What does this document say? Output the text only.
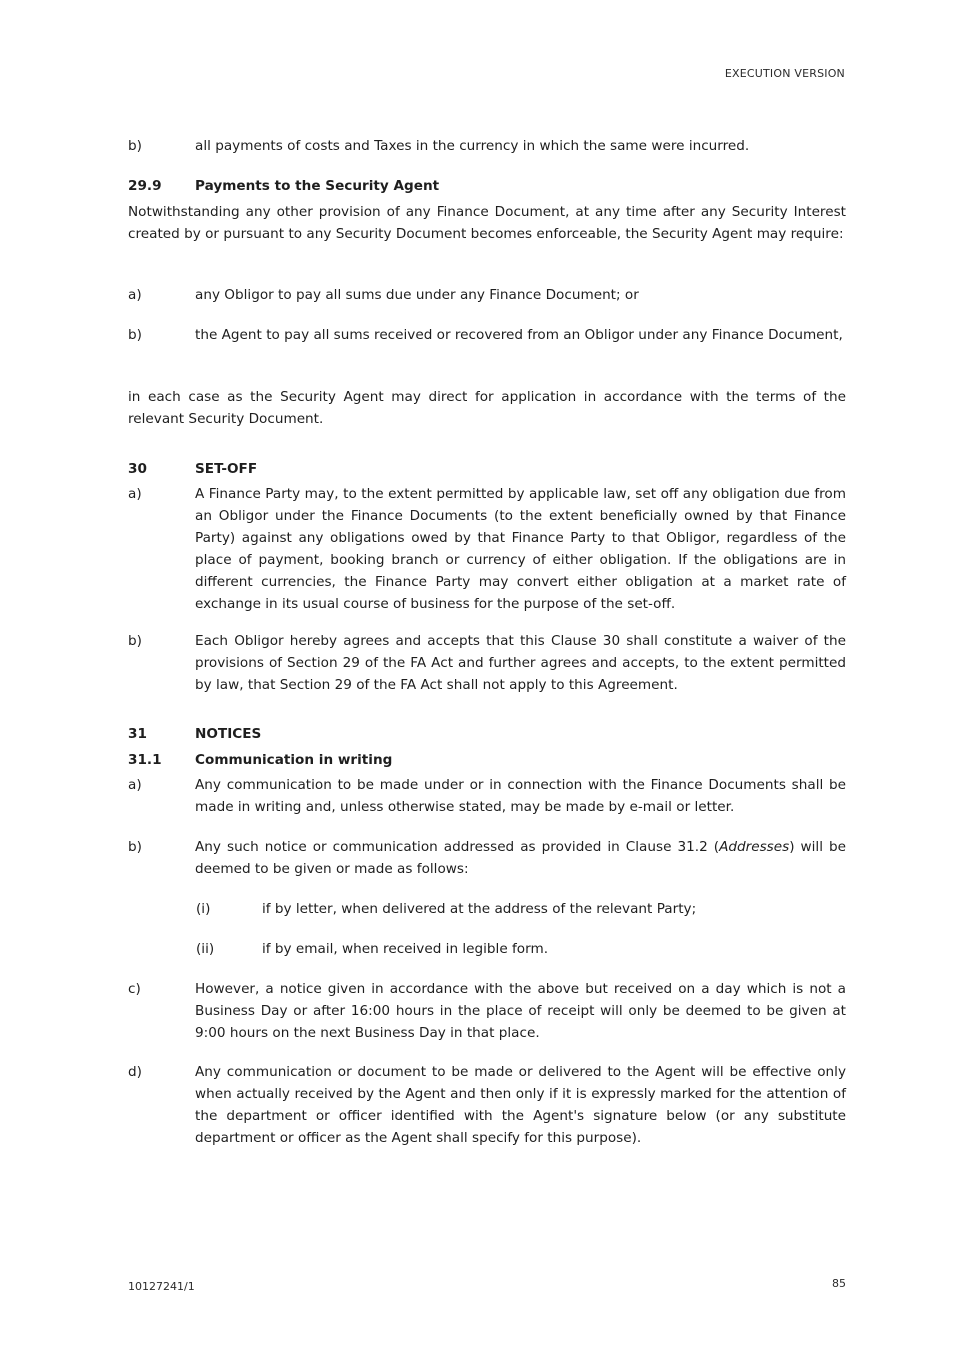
EXECUTION VERSION
b)	all payments of costs and Taxes in the currency in which the same were incurred.
29.9 Payments to the Security Agent
Notwithstanding any other provision of any Finance Document, at any time after any Security Interest created by or pursuant to any Security Document becomes enforceable, the Security Agent may require:
a)	any Obligor to pay all sums due under any Finance Document; or
b)	the Agent to pay all sums received or recovered from an Obligor under any Finance Document,
in each case as the Security Agent may direct for application in accordance with the terms of the relevant Security Document.
30	SET-OFF
a)	A Finance Party may, to the extent permitted by applicable law, set off any obligation due from an Obligor under the Finance Documents (to the extent beneficially owned by that Finance Party) against any obligations owed by that Finance Party to that Obligor, regardless of the place of payment, booking branch or currency of either obligation. If the obligations are in different currencies, the Finance Party may convert either obligation at a market rate of exchange in its usual course of business for the purpose of the set-off.
b)	Each Obligor hereby agrees and accepts that this Clause 30 shall constitute a waiver of the provisions of Section 29 of the FA Act and further agrees and accepts, to the extent permitted by law, that Section 29 of the FA Act shall not apply to this Agreement.
31	NOTICES
31.1 Communication in writing
a)	Any communication to be made under or in connection with the Finance Documents shall be made in writing and, unless otherwise stated, may be made by e-mail or letter.
b)	Any such notice or communication addressed as provided in Clause 31.2 (Addresses) will be deemed to be given or made as follows:
(i)	if by letter, when delivered at the address of the relevant Party;
(ii)	if by email, when received in legible form.
c)	However, a notice given in accordance with the above but received on a day which is not a Business Day or after 16:00 hours in the place of receipt will only be deemed to be given at 9:00 hours on the next Business Day in that place.
d)	Any communication or document to be made or delivered to the Agent will be effective only when actually received by the Agent and then only if it is expressly marked for the attention of the department or officer identified with the Agent's signature below (or any substitute department or officer as the Agent shall specify for this purpose).
10127241/1	85
